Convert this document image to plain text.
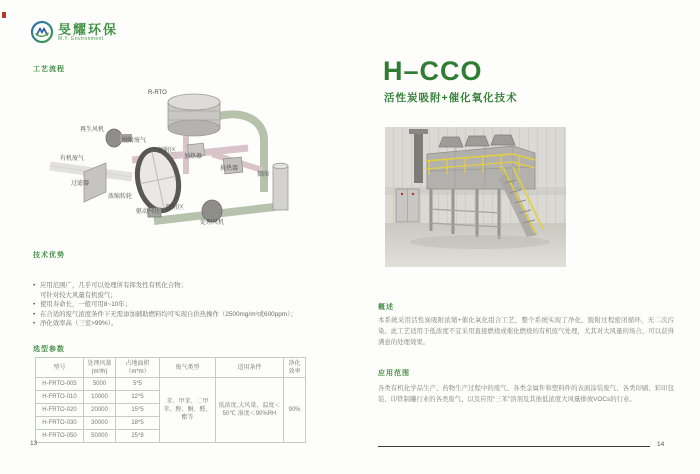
旻耀环保
M.Y. Environment
工艺流程
R-RTO
再生风机
脱附废气
脱附区
加热器
换热器
烟囱
有机废气
过滤器
浓缩转轮
驱动马达
吸附区
处理风机
技术优势
• 应用范围广，几乎可以处理所有挥发性有机化合物；
可针对较大风量有机废气；
• 使用寿命长，一般可用8~10年；
• 在合适的废气浓度条件下无需添加辅助燃料均可实现自供热操作（2500mg/m³或600ppm）；
• 净化效率高（三室>99%）。
选型参数
型号	处理风量 (m³/h)	占地面积（m*m）	废气类型	适用条件	净化 效率
H-FRTO-005	5000	5*5	苯、甲苯、二甲苯、醇、酮、醛、酯等	低浓度,大风量，温度＜50℃ 湿度＜90%RH	90%
H-FRTO-010	10000	12*5			
H-FRTO-020	20000	15*5			
H-FRTO-030	30000	18*5			
H-FRTO-050	50000	25*8			
13
H–CCO
活性炭吸附+催化氧化技术
概述
本系统采用活性炭吸附浓缩+催化氧化组合工艺，整个系统实现了净化、脱附过程密闭循环，无二次污染。此工艺适用于低浓度不宜采用直接燃烧或催化燃烧的有机废气处理，尤其对大风量的场合，可以获得满意的处理效果。
应用范围
各类有机化学品生产、药物生产过程中的废气、各类金属件和塑料件的表面涂装废气、各类印刷、彩印包装、印铁制罐行业的各类废气、以及应用“三苯”溶剂及其他低浓度大风量排放VOCs的行业。
14
